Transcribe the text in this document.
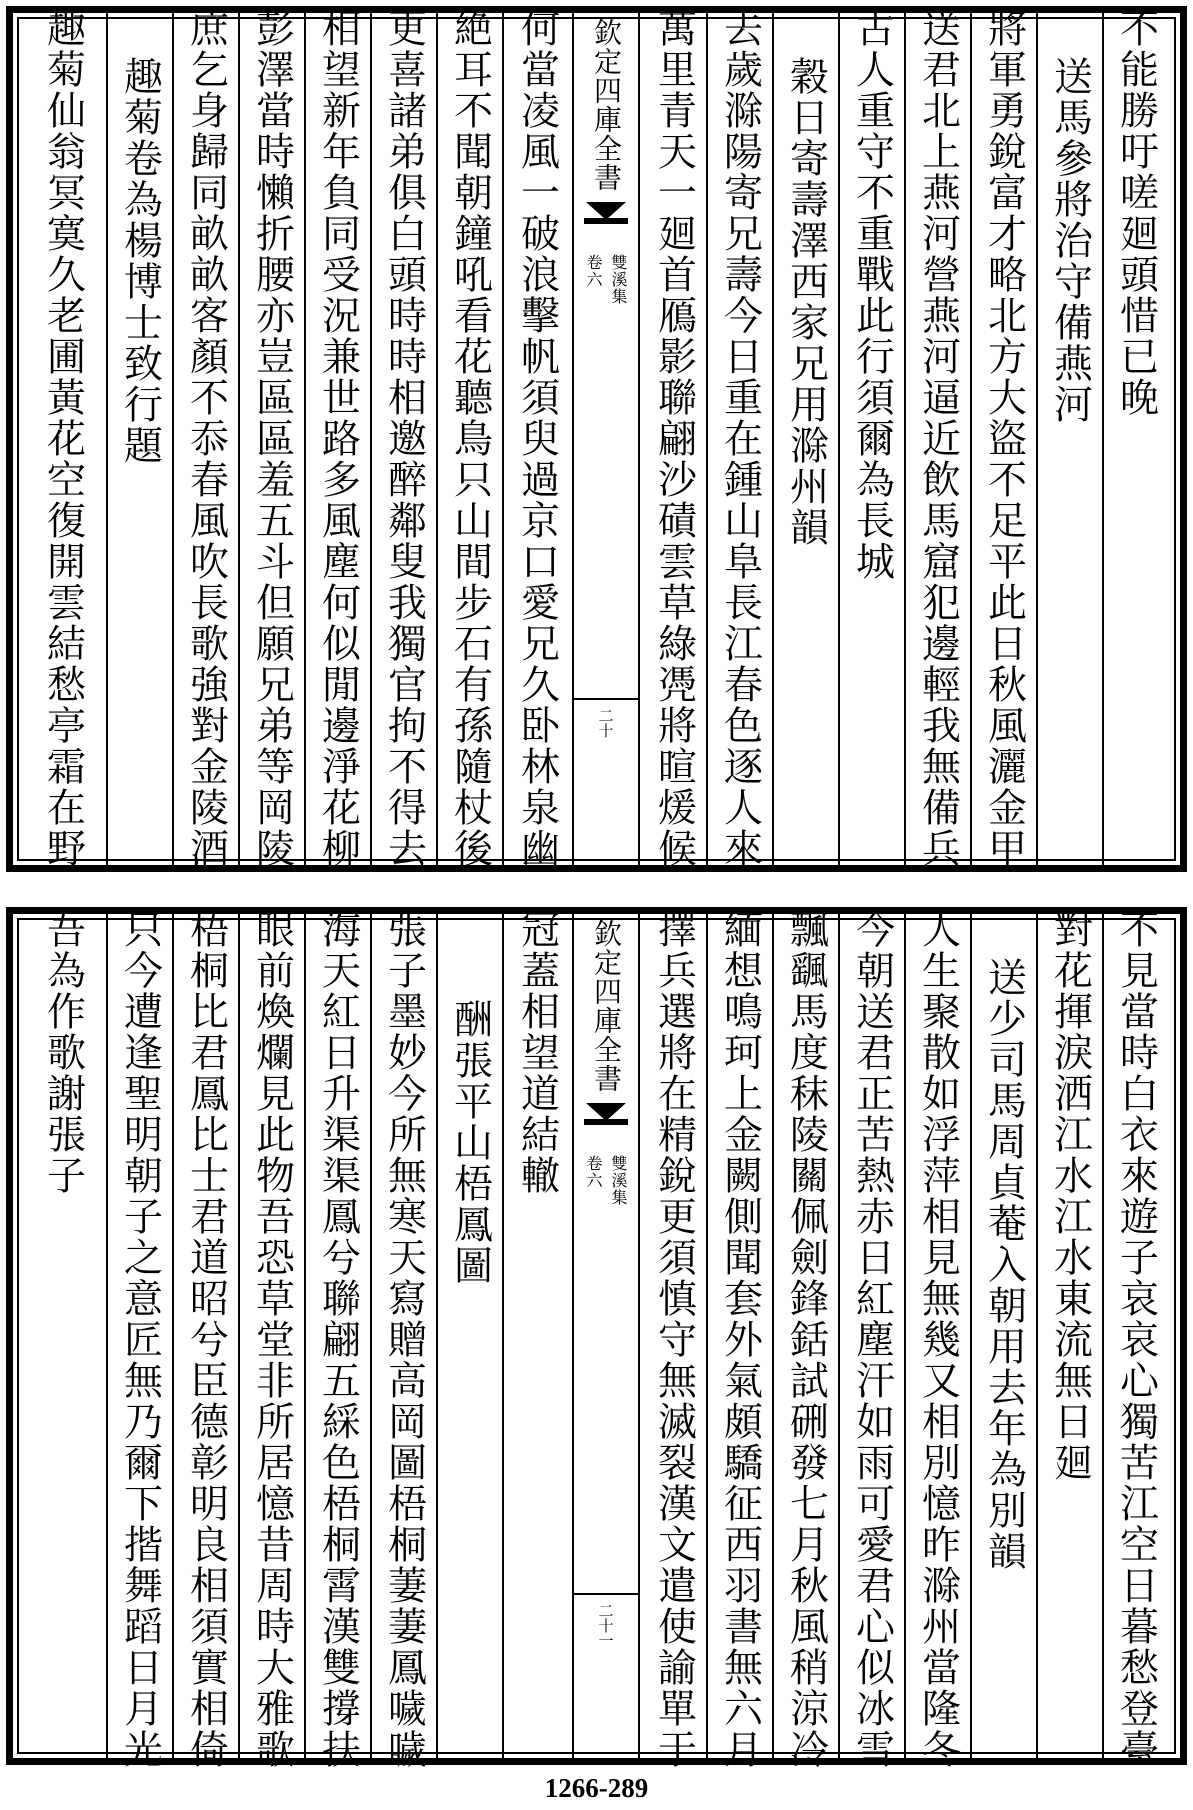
不能勝吁嗟廻頭惜已晚
送馬參將治守備燕河
將軍勇銳富才略北方大盜不足平此日秋風灑金甲
送君北上燕河營燕河逼近飲馬窟犯邊輕我無備兵
古人重守不重戰此行須爾為長城
穀日寄壽澤西家兄用滁州韻
去歲滁陽寄兄壽今日重在鍾山阜長江春色逐人來
萬里青天一廻首鴈影聯翩沙磧雲草綠凴將暄煖候
欽定四庫全書
雙溪集
卷六
二十
何當凌風一破浪擊帆須臾過京口愛兄久卧林泉幽
絶耳不聞朝鐘吼看花聽鳥只山間步石有孫隨杖後
更喜諸弟俱白頭時時相邀醉鄰叟我獨官拘不得去
相望新年負同受況兼世路多風塵何似閒邊淨花柳
彭澤當時懶折腰亦豈區區羞五斗但願兄弟等岡陵
庶乞身歸同畝畝客顏不忝春風吹長歌強對金陵酒
趣菊卷為楊博士致行題
趣菊仙翁冥寞久老圃黃花空復開雲結愁亭霜在野
不見當時白衣來遊子哀哀心獨苦江空日暮愁登臺
對花揮淚洒江水江水東流無日廻
送少司馬周貞菴入朝用去年為別韻
人生聚散如浮萍相見無幾又相別憶昨滁州當隆冬
今朝送君正苦熱赤日紅塵汗如雨可愛君心似冰雪
飄颻馬度秣陵關佩劍鋒銛試硎發七月秋風稍涼冷
緬想鳴珂上金闕側聞套外氣頗驕征西羽書無六月
擇兵選將在精銳更須慎守無滅裂漢文遣使諭單于
欽定四庫全書
雙溪集
卷六
二十一
冠蓋相望道結轍
酬張平山梧鳳圖
張子墨妙今所無寒天寫贈高岡圖梧桐萋萋鳳噦噦
海天紅日升渠渠鳳兮聯翩五綵色梧桐霄漢雙撐扶
眼前煥爛見此物吾恐草堂非所居憶昔周時大雅歌
梧桐比君鳳比士君道昭兮臣德彰明良相須實相倚
只今遭逢聖明朝子之意匠無乃爾下揩舞蹈日月光
吾為作歌謝張子
1266-289
